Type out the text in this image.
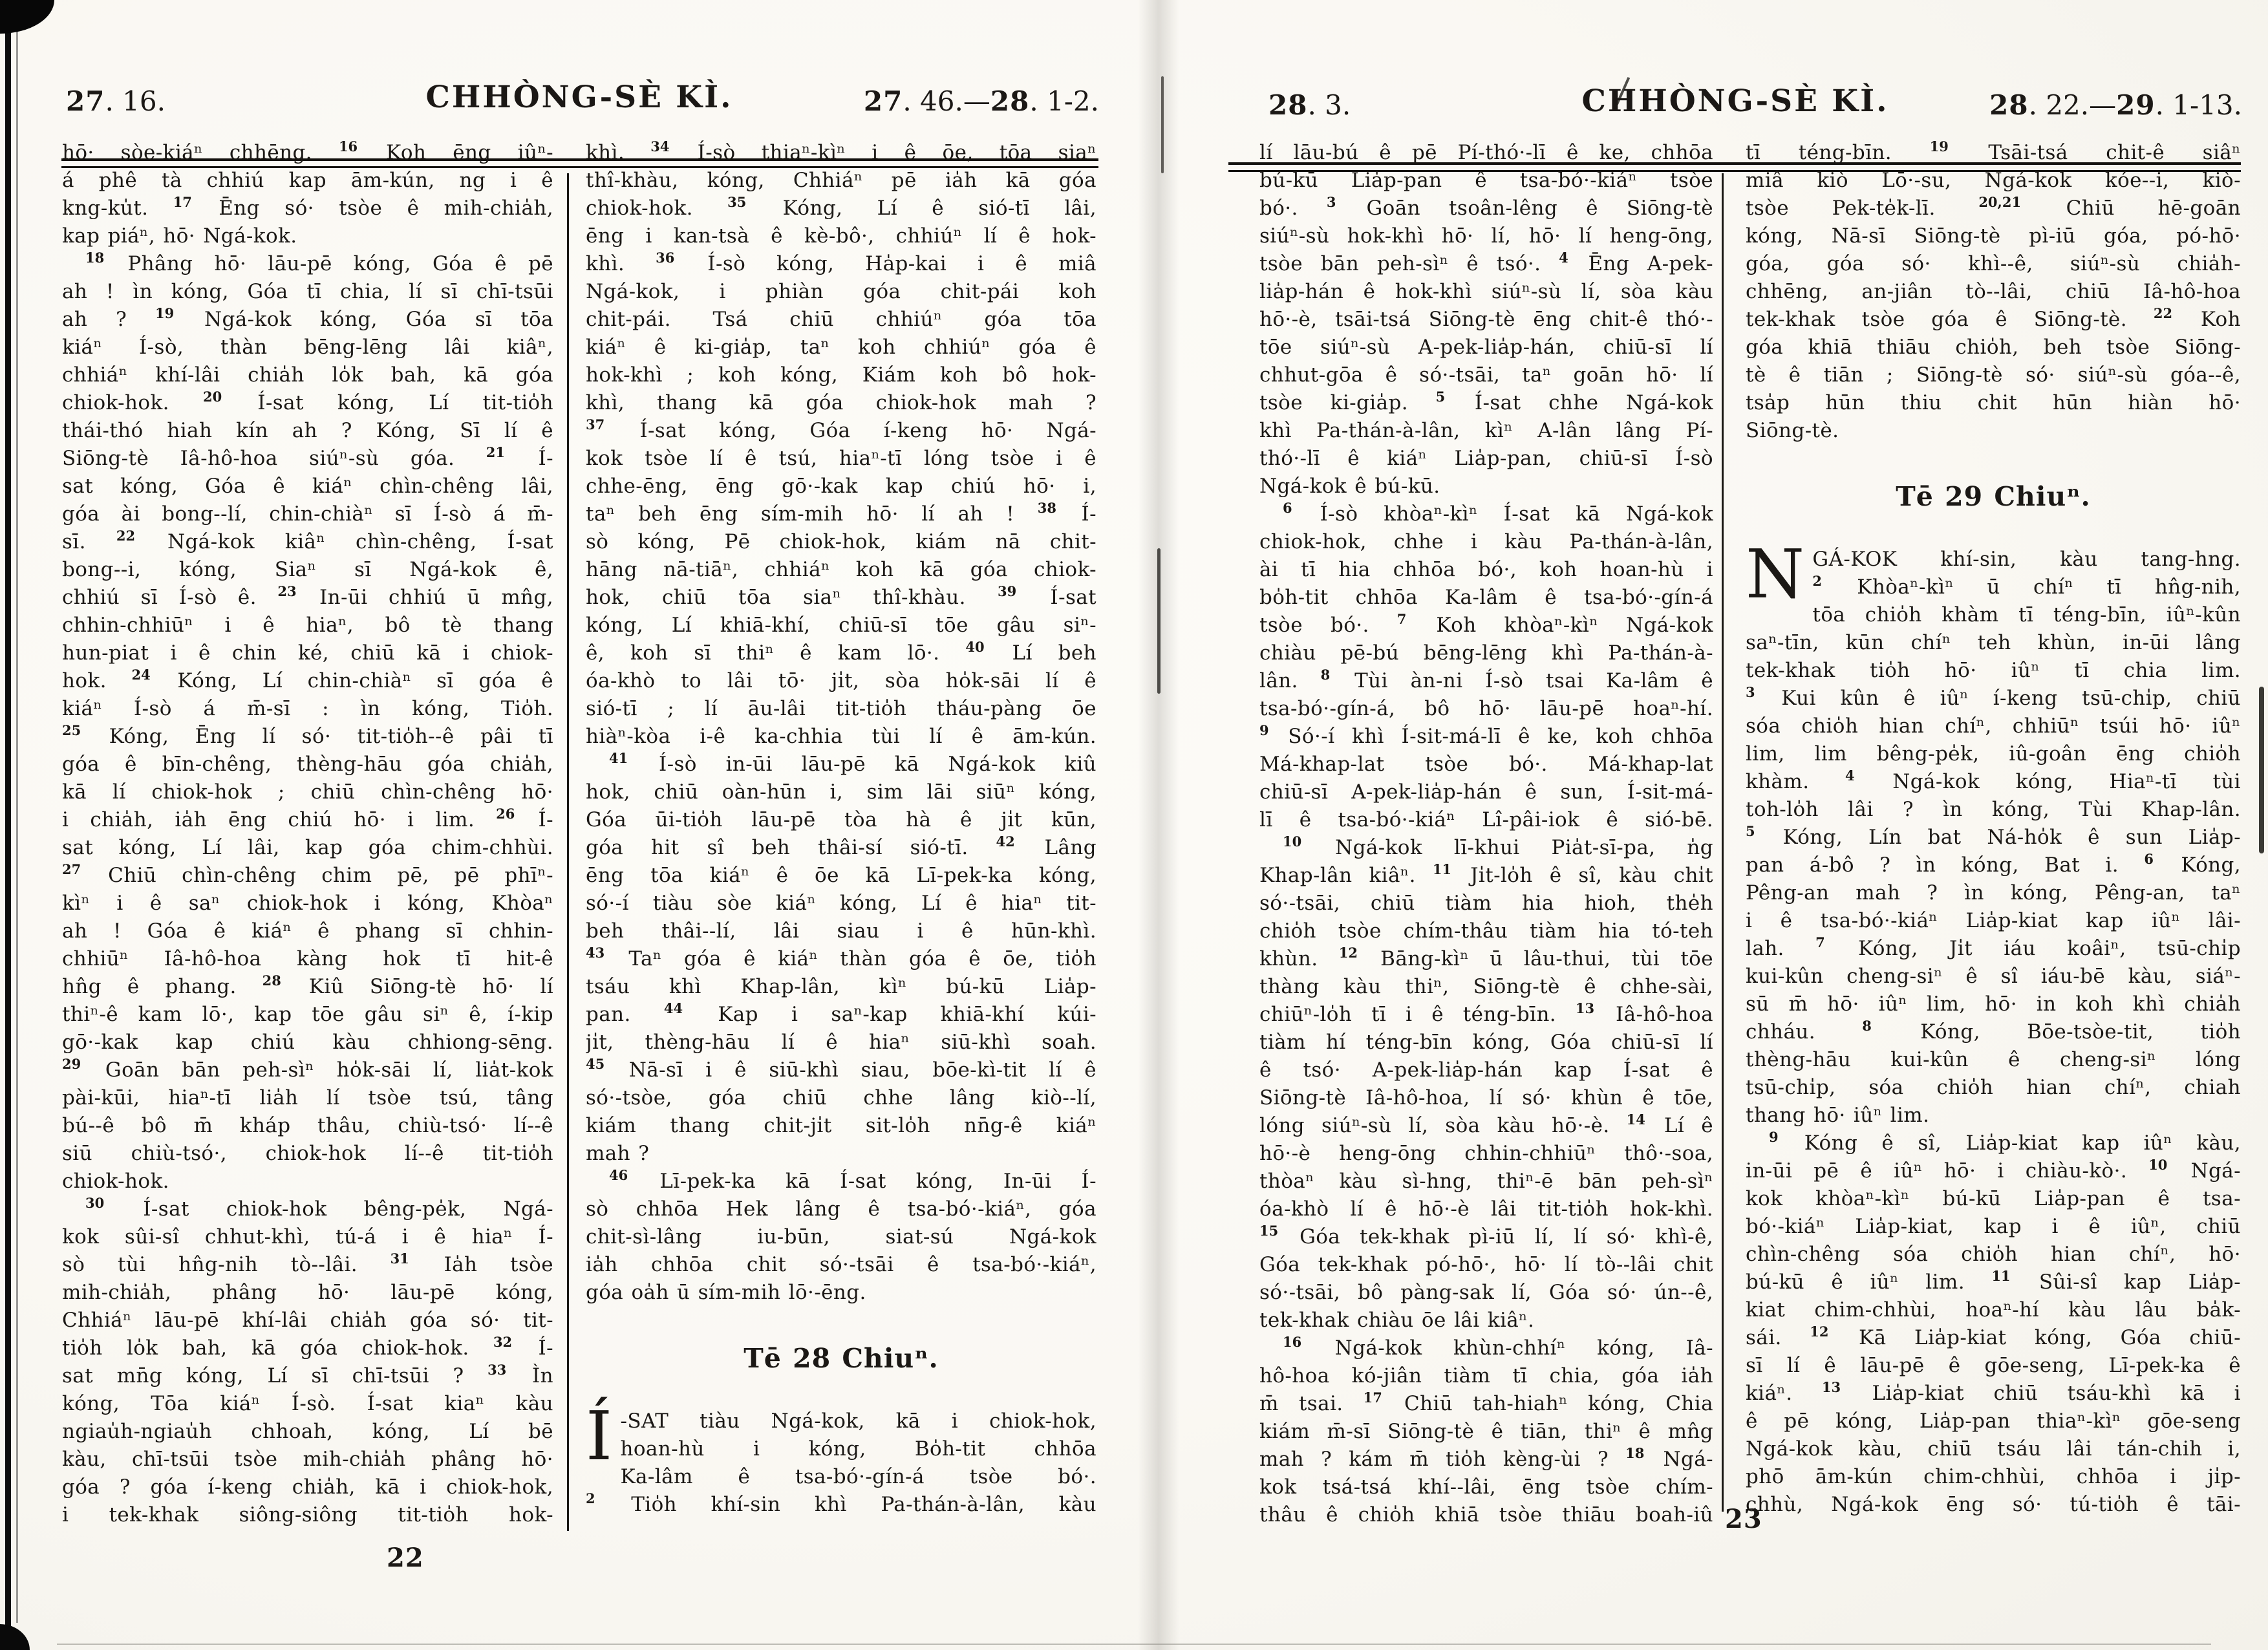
27. 16.	CHHÒNG-SÈ KÌ.	27. 46.—28. 1-2.	28. 3.	CHHÒNG-SÈ KÌ.	28. 22.—29. 1-13.
hō· sòe-kiáⁿ chhēng. $^{16}$ Koh ēng iûⁿ-
á phê tà chhiú kap ām-kún, ng i ê
kng-ku̍t. $^{17}$ Ēng só· tsòe ê mih-chia̍h,
kap piáⁿ, hō· Ngá-kok.
$^{18}$ Phâng hō· lāu-pē kóng, Góa ê pē
ah ! ìn kóng, Góa tī chia, lí sī chī-tsūi
ah ? $^{19}$ Ngá-kok kóng, Góa sī tōa
kiáⁿ Í-sò, thàn bēng-lēng lâi kiâⁿ,
chhiáⁿ khí-lâi chia̍h lo̍k bah, kā góa
chiok-hok. $^{20}$ Í-sat kóng, Lí tit-tio̍h
thái-thó hiah kín ah ? Kóng, Sī lí ê
Siōng-tè Iâ-hô-hoa siúⁿ-sù góa. $^{21}$ Í-
sat kóng, Góa ê kiáⁿ chìn-chêng lâi,
góa ài bong--lí, chin-chiàⁿ sī Í-sò á m̄-
sī. $^{22}$ Ngá-kok kiâⁿ chìn-chêng, Í-sat
bong--i, kóng, Siaⁿ sī Ngá-kok ê,
chhiú sī Í-sò ê. $^{23}$ In-ūi chhiú ū mn̂g,
chhin-chhiūⁿ i ê hiaⁿ, bô tè thang
hun-piat i ê chin ké, chiū kā i chiok-
hok. $^{24}$ Kóng, Lí chin-chiàⁿ sī góa ê
kiáⁿ Í-sò á m̄-sī : ìn kóng, Tio̍h.
$^{25}$ Kóng, Ēng lí só· tit-tio̍h--ê pâi tī
góa ê bīn-chêng, thèng-hāu góa chia̍h,
kā lí chiok-hok ; chiū chìn-chêng hō·
i chia̍h, ia̍h ēng chiú hō· i lim. $^{26}$ Í-
sat kóng, Lí lâi, kap góa chim-chhùi.
$^{27}$ Chiū chìn-chêng chim pē, pē phīⁿ-
kìⁿ i ê saⁿ chiok-hok i kóng, Khòaⁿ
ah ! Góa ê kiáⁿ ê phang sī chhin-
chhiūⁿ Iâ-hô-hoa kàng hok tī hit-ê
hn̂g ê phang. $^{28}$ Kiû Siōng-tè hō· lí
thiⁿ-ê kam lō·, kap tōe gâu siⁿ ê, í-kip
gō·-kak kap chiú kàu chhiong-sēng.
$^{29}$ Goān bān peh-sìⁿ ho̍k-sāi lí, lia̍t-kok
pài-kūi, hiaⁿ-tī lia̍h lí tsòe tsú, tâng
bú--ê bô m̄ kháp thâu, chiù-tsó· lí--ê
siū chiù-tsó·, chiok-hok lí--ê tit-tio̍h
chiok-hok.
$^{30}$ Í-sat chiok-hok bêng-pe̍k, Ngá-
kok sûi-sî chhut-khì, tú-á i ê hiaⁿ Í-
sò tùi hn̂g-nih tò--lâi. $^{31}$ Ia̍h tsòe
mih-chia̍h, phâng hō· lāu-pē kóng,
Chhiáⁿ lāu-pē khí-lâi chia̍h góa só· tit-
tio̍h lo̍k bah, kā góa chiok-hok. $^{32}$ Í-
sat mn̄g kóng, Lí sī chī-tsūi ? $^{33}$ Ìn
kóng, Tōa kiáⁿ Í-sò. Í-sat kiaⁿ kàu
ngiau̍h-ngiau̍h chhoah, kóng, Lí bē
kàu, chī-tsūi tsòe mih-chia̍h phâng hō·
góa ? góa í-keng chia̍h, kā i chiok-hok,
i tek-khak siông-siông tit-tio̍h hok-
khì. $^{34}$ Í-sò thiaⁿ-kìⁿ i ê ōe, tōa siaⁿ
thî-khàu, kóng, Chhiáⁿ pē ia̍h kā góa
chiok-hok. $^{35}$ Kóng, Lí ê sió-tī lâi,
ēng i kan-tsà ê kè-bô·, chhiúⁿ lí ê hok-
khì. $^{36}$ Í-sò kóng, Ha̍p-kai i ê miâ
Ngá-kok, i phiàn góa chit-pái koh
chit-pái. Tsá chiū chhiúⁿ góa tōa
kiáⁿ ê ki-gia̍p, taⁿ koh chhiúⁿ góa ê
hok-khì ; koh kóng, Kiám koh bô hok-
khì, thang kā góa chiok-hok mah ?
$^{37}$ Í-sat kóng, Góa í-keng hō· Ngá-
kok tsòe lí ê tsú, hiaⁿ-tī lóng tsòe i ê
chhe-ēng, ēng gō·-kak kap chiú hō· i,
taⁿ beh ēng sím-mih hō· lí ah ! $^{38}$ Í-
sò kóng, Pē chiok-hok, kiám nā chit-
hāng nā-tiāⁿ, chhiáⁿ koh kā góa chiok-
hok, chiū tōa siaⁿ thî-khàu. $^{39}$ Í-sat
kóng, Lí khiā-khí, chiū-sī tōe gâu siⁿ-
ê, koh sī thiⁿ ê kam lō·. $^{40}$ Lí beh
óa-khò to lâi tō· ji̍t, sòa ho̍k-sāi lí ê
sió-tī ; lí āu-lâi tit-tio̍h tháu-pàng ōe
hiàⁿ-kòa i-ê ka-chhia tùi lí ê ām-kún.
$^{41}$ Í-sò in-ūi lāu-pē kā Ngá-kok kiû
hok, chiū oàn-hūn i, sim lāi siūⁿ kóng,
Góa ūi-tio̍h lāu-pē tòa hà ê ji̍t kūn,
góa hit sî beh thâi-sí sió-tī. $^{42}$ Lâng
ēng tōa kiáⁿ ê ōe kā Lī-pek-ka kóng,
só·-í tiàu sòe kiáⁿ kóng, Lí ê hiaⁿ tit-
beh thâi--lí, lâi siau i ê hūn-khì.
$^{43}$ Taⁿ góa ê kiáⁿ thàn góa ê ōe, tio̍h
tsáu khì Khap-lân, kìⁿ bú-kū Lia̍p-
pan. $^{44}$ Kap i saⁿ-kap khiā-khí kúi-
ji̍t, thèng-hāu lí ê hiaⁿ siū-khì soah.
$^{45}$ Nā-sī i ê siū-khì siau, bōe-kì-tit lí ê
só·-tsòe, góa chiū chhe lâng kiò--lí,
kiám thang chit-ji̍t sit-lo̍h nn̄g-ê kiáⁿ
mah ?
$^{46}$ Lī-pek-ka kā Í-sat kóng, In-ūi Í-
sò chhōa Hek lâng ê tsa-bó·-kiáⁿ, góa
chit-sì-lâng iu-būn, siat-sú Ngá-kok
ia̍h chhōa chit só·-tsāi ê tsa-bó·-kiáⁿ,
góa oa̍h ū sím-mih lō·-ēng.
Tē 28 Chiuⁿ.
Í -SAT tiàu Ngá-kok, kā i chiok-hok,
hoan-hù i kóng, Bo̍h-tit chhōa
Ka-lâm ê tsa-bó·-gín-á tsòe bó·.
$^2$ Tio̍h khí-sin khì Pa-thán-à-lân, kàu
lí lāu-bú ê pē Pí-thó·-lī ê ke, chhōa
bú-kū Lia̍p-pan ê tsa-bó·-kiáⁿ tsòe
bó·. $^3$ Goān tsoân-lêng ê Siōng-tè
siúⁿ-sù hok-khì hō· lí, hō· lí heng-ōng,
tsòe bān peh-sìⁿ ê tsó·. $^4$ Ēng A-pek-
lia̍p-hán ê hok-khì siúⁿ-sù lí, sòa kàu
hō·-è, tsāi-tsá Siōng-tè ēng chit-ê thó·-
tōe siúⁿ-sù A-pek-lia̍p-hán, chiū-sī lí
chhut-gōa ê só·-tsāi, taⁿ goān hō· lí
tsòe ki-gia̍p. $^5$ Í-sat chhe Ngá-kok
khì Pa-thán-à-lân, kìⁿ A-lân lâng Pí-
thó·-lī ê kiáⁿ Lia̍p-pan, chiū-sī Í-sò
Ngá-kok ê bú-kū.
$^6$ Í-sò khòaⁿ-kìⁿ Í-sat kā Ngá-kok
chiok-hok, chhe i kàu Pa-thán-à-lân,
ài tī hia chhōa bó·, koh hoan-hù i
bo̍h-tit chhōa Ka-lâm ê tsa-bó·-gín-á
tsòe bó·. $^7$ Koh khòaⁿ-kìⁿ Ngá-kok
chiàu pē-bú bēng-lēng khì Pa-thán-à-
lân. $^8$ Tùi àn-ni Í-sò tsai Ka-lâm ê
tsa-bó·-gín-á, bô hō· lāu-pē hoaⁿ-hí.
$^9$ Só·-í khì Í-sit-má-lī ê ke, koh chhōa
Má-khap-lat tsòe bó·. Má-khap-lat
chiū-sī A-pek-lia̍p-hán ê sun, Í-sit-má-
lī ê tsa-bó·-kiáⁿ Lî-pâi-iok ê sió-bē.
$^{10}$ Ngá-kok lī-khui Pia̍t-sī-pa, n̍g
Khap-lân kiâⁿ. $^{11}$ Ji̍t-lo̍h ê sî, kàu chi̍t
só·-tsāi, chiū tiàm hia hioh, the̍h
chio̍h tsòe chím-thâu tiàm hia tó-teh
khùn. $^{12}$ Bāng-kìⁿ ū lâu-thui, tùi tōe
thàng kàu thiⁿ, Siōng-tè ê chhe-sài,
chiūⁿ-lo̍h tī i ê téng-bīn. $^{13}$ Iâ-hô-hoa
tiàm hí téng-bīn kóng, Góa chiū-sī lí
ê tsó· A-pek-lia̍p-hán kap Í-sat ê
Siōng-tè Iâ-hô-hoa, lí só· khùn ê tōe,
lóng siúⁿ-sù lí, sòa kàu hō·-è. $^{14}$ Lí ê
hō·-è heng-ōng chhin-chhiūⁿ thô·-soa,
thòaⁿ kàu sì-hng, thiⁿ-ē bān peh-sìⁿ
óa-khò lí ê hō·-è lâi tit-tio̍h hok-khì.
$^{15}$ Góa tek-khak pì-iū lí, lí só· khì-ê,
Góa tek-khak pó-hō·, hō· lí tò--lâi chit
só·-tsāi, bô pàng-sak lí, Góa só· ún--ê,
tek-khak chiàu ōe lâi kiâⁿ.
$^{16}$ Ngá-kok khùn-chhíⁿ kóng, Iâ-
hô-hoa kó-jiân tiàm tī chia, góa ia̍h
m̄ tsai. $^{17}$ Chiū tah-hiahⁿ kóng, Chia
kiám m̄-sī Siōng-tè ê tiān, thiⁿ ê mn̂g
mah ? kám m̄ tio̍h kèng-ùi ? $^{18}$ Ngá-
kok tsá-tsá khí--lâi, ēng tsòe chím-
thâu ê chio̍h khiā tsòe thiāu boah-iû
tī téng-bīn. $^{19}$ Tsāi-tsá chit-ê siâⁿ
miâ kiò Lō·-su, Ngá-kok kóe--i, kiò-
tsòe Pek-te̍k-lī. $^{20,21}$ Chiū hē-goān
kóng, Nā-sī Siōng-tè pì-iū góa, pó-hō·
góa, góa só· khì--ê, siúⁿ-sù chia̍h-
chhēng, an-jiân tò--lâi, chiū Iâ-hô-hoa
tek-khak tsòe góa ê Siōng-tè. $^{22}$ Koh
góa khiā thiāu chio̍h, beh tsòe Siōng-
tè ê tiān ; Siōng-tè só· siúⁿ-sù góa--ê,
tsa̍p hūn thiu chit hūn hiàn hō·
Siōng-tè.
Tē 29 Chiuⁿ.
N GÁ-KOK khí-sin, kàu tang-hng.
$^2$ Khòaⁿ-kìⁿ ū chíⁿ tī hn̂g-nih,
tōa chio̍h khàm tī téng-bīn, iûⁿ-kûn
saⁿ-tīn, kūn chíⁿ teh khùn, in-ūi lâng
tek-khak tio̍h hō· iûⁿ tī chia lim.
$^3$ Kui kûn ê iûⁿ í-keng tsū-chi̍p, chiū
sóa chio̍h hian chíⁿ, chhiūⁿ tsúi hō· iûⁿ
lim, lim bêng-pe̍k, iû-goân ēng chio̍h
khàm. $^4$ Ngá-kok kóng, Hiaⁿ-tī tùi
toh-lo̍h lâi ? ìn kóng, Tùi Khap-lân.
$^5$ Kóng, Lín bat Ná-ho̍k ê sun Lia̍p-
pan á-bô ? ìn kóng, Bat i. $^6$ Kóng,
Pêng-an mah ? ìn kóng, Pêng-an, taⁿ
i ê tsa-bó·-kiáⁿ Lia̍p-kiat kap iûⁿ lâi-
lah. $^7$ Kóng, Ji̍t iáu koâiⁿ, tsū-chi̍p
kui-kûn cheng-siⁿ ê sî iáu-bē kàu, siáⁿ-
sū m̄ hō· iûⁿ lim, hō· in koh khì chia̍h
chháu. $^8$ Kóng, Bōe-tsòe-tit, tio̍h
thèng-hāu kui-kûn ê cheng-siⁿ lóng
tsū-chi̍p, sóa chio̍h hian chíⁿ, chiah
thang hō· iûⁿ lim.
$^9$ Kóng ê sî, Lia̍p-kiat kap iûⁿ kàu,
in-ūi pē ê iûⁿ hō· i chiàu-kò·. $^{10}$ Ngá-
kok khòaⁿ-kìⁿ bú-kū Lia̍p-pan ê tsa-
bó·-kiáⁿ Lia̍p-kiat, kap i ê iûⁿ, chiū
chìn-chêng sóa chio̍h hian chíⁿ, hō·
bú-kū ê iûⁿ lim. $^{11}$ Sûi-sî kap Lia̍p-
kiat chim-chhùi, hoaⁿ-hí kàu lâu ba̍k-
sái. $^{12}$ Kā Lia̍p-kiat kóng, Góa chiū-
sī lí ê lāu-pē ê gōe-seng, Lī-pek-ka ê
kiáⁿ. $^{13}$ Lia̍p-kiat chiū tsáu-khì kā i
ê pē kóng, Lia̍p-pan thiaⁿ-kìⁿ gōe-seng
Ngá-kok kàu, chiū tsáu lâi tán-chih i,
phō ām-kún chim-chhùi, chhōa i ji̍p-
chhù, Ngá-kok ēng só· tú-tio̍h ê tāi-
22
23
